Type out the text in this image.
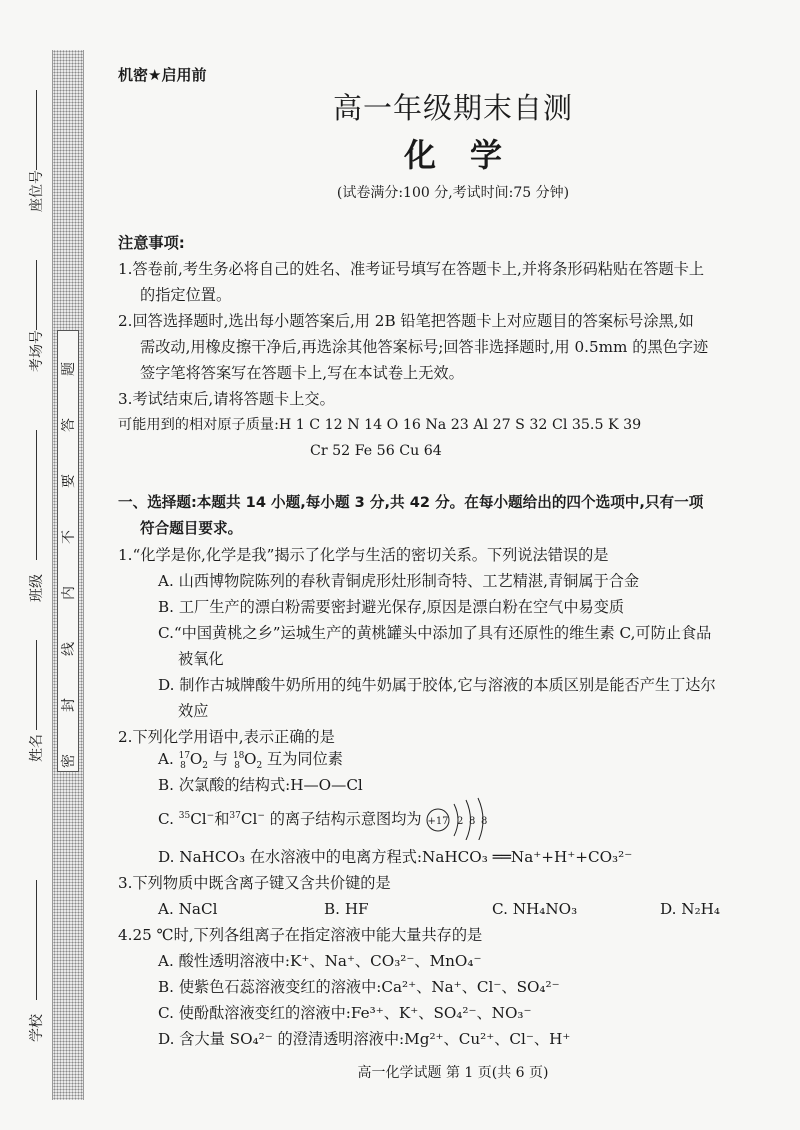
密
封
线
内
不
要
答
题
座位号
考场号
班级
姓名
学校
机密★启用前
高一年级期末自测
化学
(试卷满分:100 分,考试时间:75 分钟)
注意事项:
1.答卷前,考生务必将自己的姓名、准考证号填写在答题卡上,并将条形码粘贴在答题卡上
的指定位置。
2.回答选择题时,选出每小题答案后,用 2B 铅笔把答题卡上对应题目的答案标号涂黑,如
需改动,用橡皮擦干净后,再选涂其他答案标号;回答非选择题时,用 0.5mm 的黑色字迹
签字笔将答案写在答题卡上,写在本试卷上无效。
3.考试结束后,请将答题卡上交。
可能用到的相对原子质量:H 1 C 12 N 14 O 16 Na 23 Al 27 S 32 Cl 35.5 K 39
Cr 52 Fe 56 Cu 64
一、选择题:本题共 14 小题,每小题 3 分,共 42 分。在每小题给出的四个选项中,只有一项
符合题目要求。
1.“化学是你,化学是我”揭示了化学与生活的密切关系。下列说法错误的是
A. 山西博物院陈列的春秋青铜虎形灶形制奇特、工艺精湛,青铜属于合金
B. 工厂生产的漂白粉需要密封避光保存,原因是漂白粉在空气中易变质
C.“中国黄桃之乡”运城生产的黄桃罐头中添加了具有还原性的维生素 C,可防止食品
被氧化
D. 制作古城牌酸牛奶所用的纯牛奶属于胶体,它与溶液的本质区别是能否产生丁达尔
效应
2.下列化学用语中,表示正确的是
A. $^{17}_8$ $O_2$ 与 $^{18}_8$ $O_2$ 互为同位素
B. 次氯酸的结构式:H—O—Cl
C. $^{35}$Cl−和$^{37}$Cl− 的离子结构示意图均为 +17 2 8 8
D. NaHCO₃ 在水溶液中的电离方程式:NaHCO₃ ══Na⁺+H⁺+CO₃²⁻
3.下列物质中既含离子键又含共价键的是
A. NaCl	B. HF	C. NH₄NO₃	D. N₂H₄
4.25 ℃时,下列各组离子在指定溶液中能大量共存的是
A. 酸性透明溶液中:K⁺、Na⁺、CO₃²⁻、MnO₄⁻
B. 使紫色石蕊溶液变红的溶液中:Ca²⁺、Na⁺、Cl⁻、SO₄²⁻
C. 使酚酞溶液变红的溶液中:Fe³⁺、K⁺、SO₄²⁻、NO₃⁻
D. 含大量 SO₄²⁻ 的澄清透明溶液中:Mg²⁺、Cu²⁺、Cl⁻、H⁺
高一化学试题 第 1 页(共 6 页)
